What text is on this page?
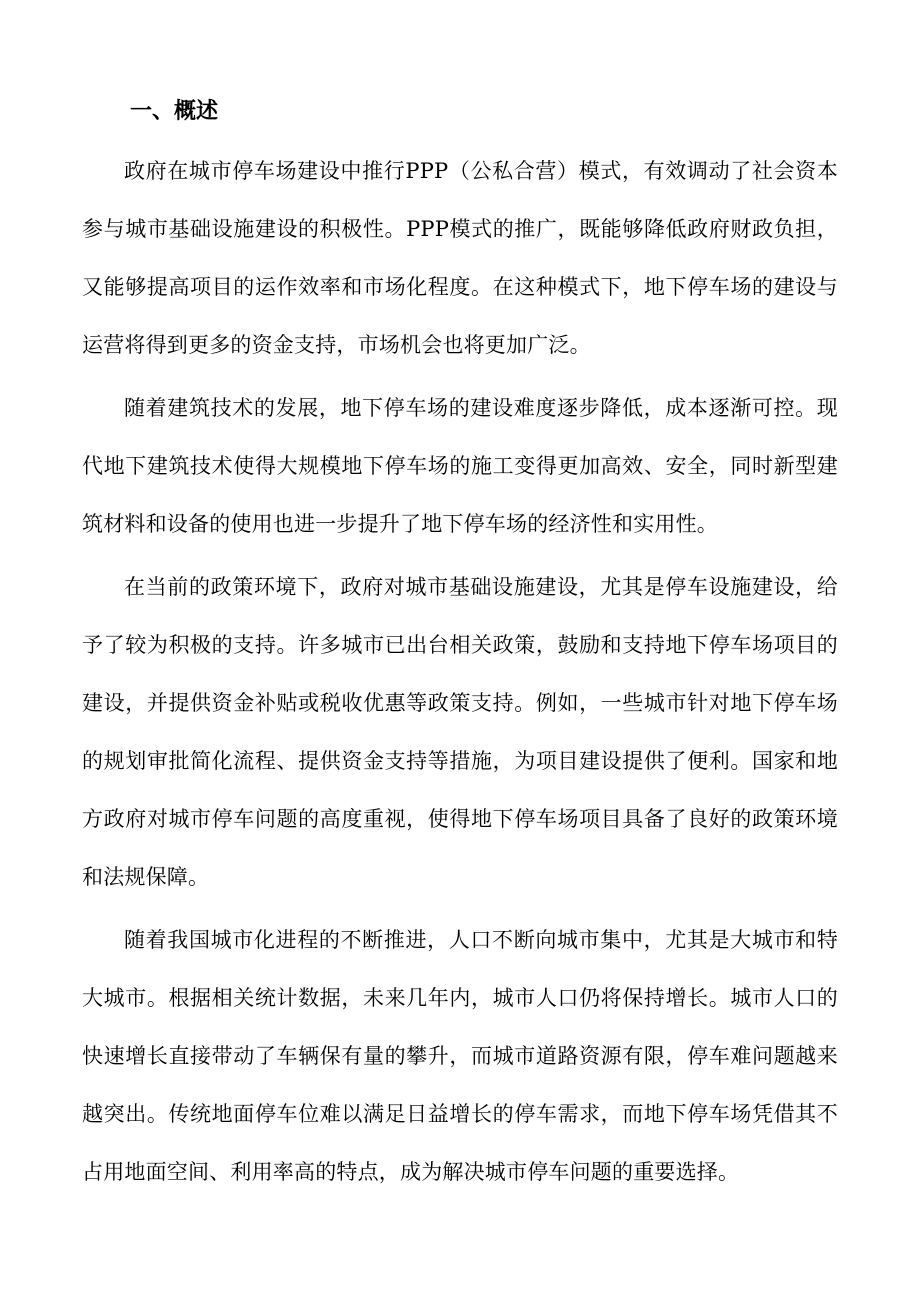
一、概述

政府在城市停车场建设中推行PPP（公私合营）模式，有效调动了社会资本参与城市基础设施建设的积极性。PPP模式的推广，既能够降低政府财政负担，又能够提高项目的运作效率和市场化程度。在这种模式下，地下停车场的建设与运营将得到更多的资金支持，市场机会也将更加广泛。

随着建筑技术的发展，地下停车场的建设难度逐步降低，成本逐渐可控。现代地下建筑技术使得大规模地下停车场的施工变得更加高效、安全，同时新型建筑材料和设备的使用也进一步提升了地下停车场的经济性和实用性。

在当前的政策环境下，政府对城市基础设施建设，尤其是停车设施建设，给予了较为积极的支持。许多城市已出台相关政策，鼓励和支持地下停车场项目的建设，并提供资金补贴或税收优惠等政策支持。例如，一些城市针对地下停车场的规划审批简化流程、提供资金支持等措施，为项目建设提供了便利。国家和地方政府对城市停车问题的高度重视，使得地下停车场项目具备了良好的政策环境和法规保障。

随着我国城市化进程的不断推进，人口不断向城市集中，尤其是大城市和特大城市。根据相关统计数据，未来几年内，城市人口仍将保持增长。城市人口的快速增长直接带动了车辆保有量的攀升，而城市道路资源有限，停车难问题越来越突出。传统地面停车位难以满足日益增长的停车需求，而地下停车场凭借其不占用地面空间、利用率高的特点，成为解决城市停车问题的重要选择。
